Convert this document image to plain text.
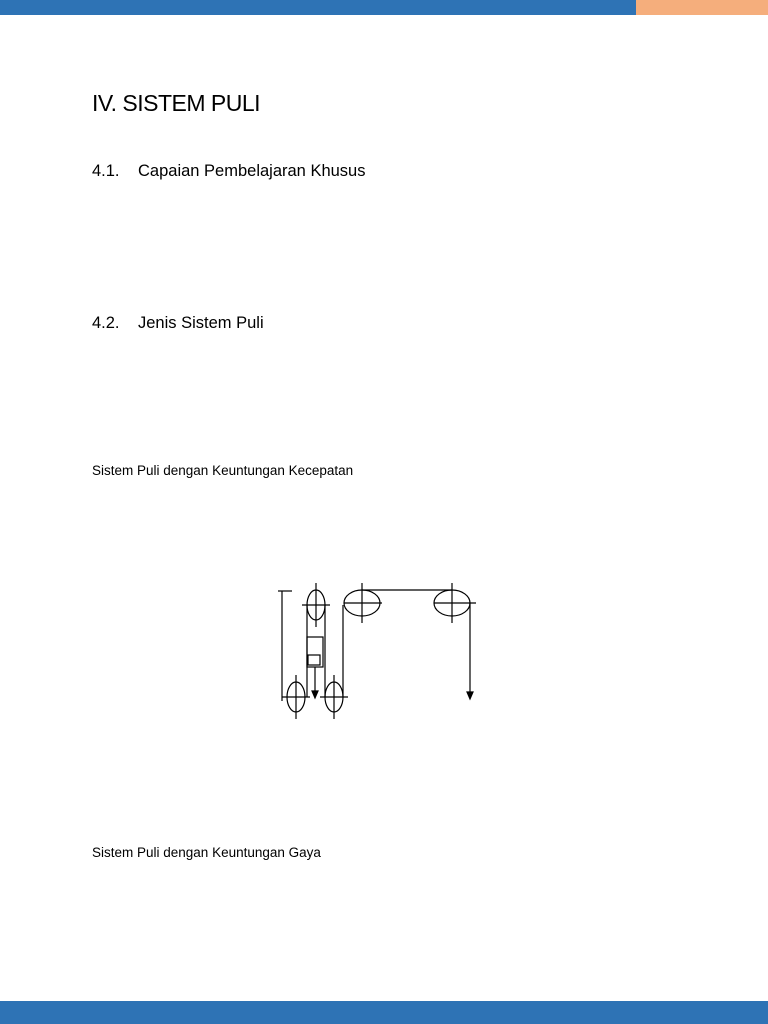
IV. SISTEM PULI
4.1. Capaian Pembelajaran Khusus
4.2. Jenis Sistem Puli

Sistem Puli dengan Keuntungan Kecepatan

Sistem Puli dengan Keuntungan Gaya
